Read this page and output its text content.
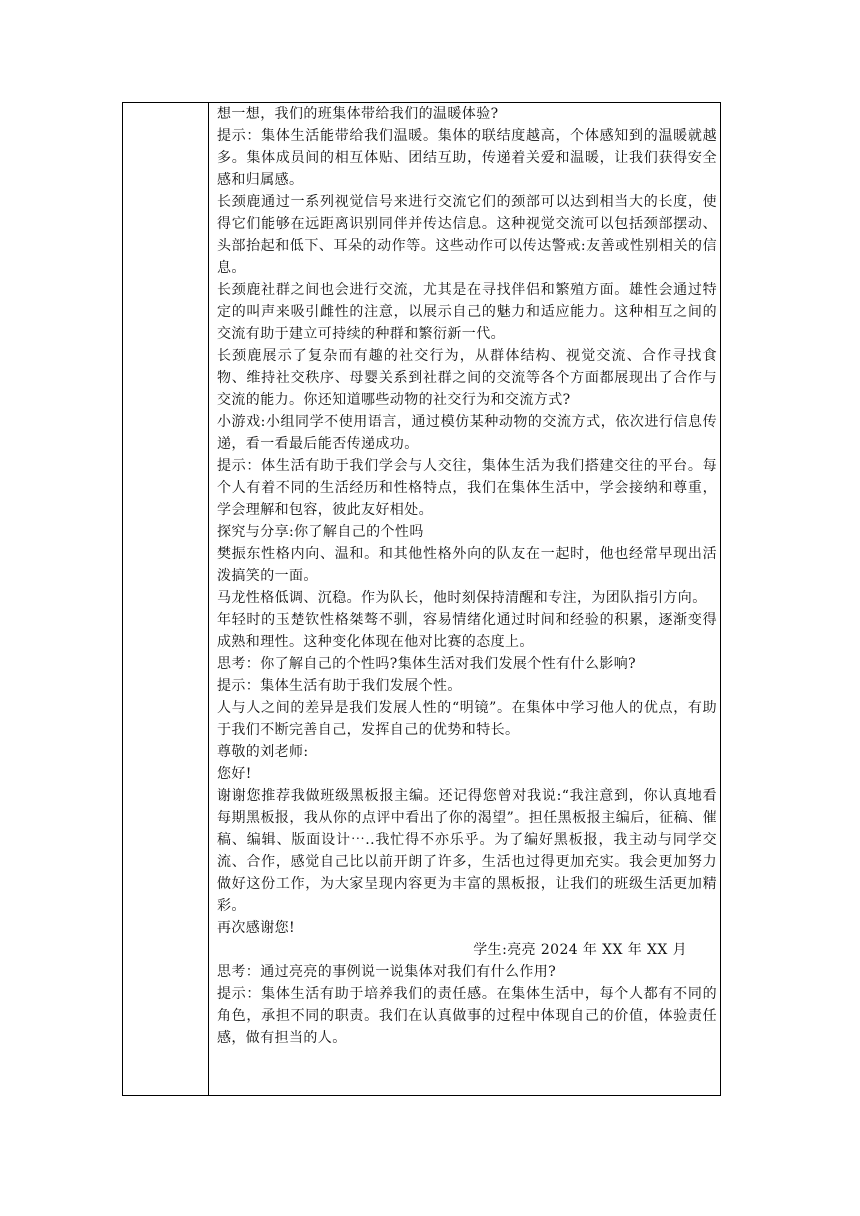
想一想，我们的班集体带给我们的温暖体验?

提示：集体生活能带给我们温暖。集体的联结度越高，个体感知到的温暖就越多。集体成员间的相互体贴、团结互助，传递着关爱和温暖，让我们获得安全感和归属感。

长颈鹿通过一系列视觉信号来进行交流它们的颈部可以达到相当大的长度，使得它们能够在远距离识别同伴并传达信息。这种视觉交流可以包括颈部摆动、头部抬起和低下、耳朵的动作等。这些动作可以传达警戒:友善或性别相关的信息。

长颈鹿社群之间也会进行交流，尤其是在寻找伴侣和繁殖方面。雄性会通过特定的叫声来吸引雌性的注意，以展示自己的魅力和适应能力。这种相互之间的交流有助于建立可持续的种群和繁衍新一代。

长颈鹿展示了复杂而有趣的社交行为，从群体结构、视觉交流、合作寻找食物、维持社交秩序、母婴关系到社群之间的交流等各个方面都展现出了合作与交流的能力。你还知道哪些动物的社交行为和交流方式?

小游戏:小组同学不使用语言，通过模仿某种动物的交流方式，依次进行信息传递，看一看最后能否传递成功。

提示：体生活有助于我们学会与人交往，集体生活为我们搭建交往的平台。每个人有着不同的生活经历和性格特点，我们在集体生活中，学会接纳和尊重，学会理解和包容，彼此友好相处。

探究与分享:你了解自己的个性吗

樊振东性格内向、温和。和其他性格外向的队友在一起时，他也经常早现出活泼搞笑的一面。

马龙性格低调、沉稳。作为队长，他时刻保持清醒和专注，为团队指引方向。

年轻时的玉楚钦性格桀骜不驯，容易情绪化通过时间和经验的积累，逐渐变得成熟和理性。这种变化体现在他对比赛的态度上。

思考：你了解自己的个性吗?集体生活对我们发展个性有什么影响?

提示：集体生活有助于我们发展个性。

人与人之间的差异是我们发展人性的“明镜”。在集体中学习他人的优点，有助于我们不断完善自己，发挥自己的优势和特长。

尊敬的刘老师:

您好!

谢谢您推荐我做班级黑板报主编。还记得您曾对我说:“我注意到，你认真地看每期黑板报，我从你的点评中看出了你的渴望”。担任黑板报主编后，征稿、催稿、编辑、版面设计⋯..我忙得不亦乐乎。为了编好黑板报，我主动与同学交流、合作，感觉自己比以前开朗了许多，生活也过得更加充实。我会更加努力做好这份工作，为大家呈现内容更为丰富的黑板报，让我们的班级生活更加精彩。

再次感谢您!

学生:亮亮 2024 年 XX 年 XX 月

思考：通过亮亮的事例说一说集体对我们有什么作用?

提示：集体生活有助于培养我们的责任感。在集体生活中，每个人都有不同的角色，承担不同的职责。我们在认真做事的过程中体现自己的价值，体验责任感，做有担当的人。
